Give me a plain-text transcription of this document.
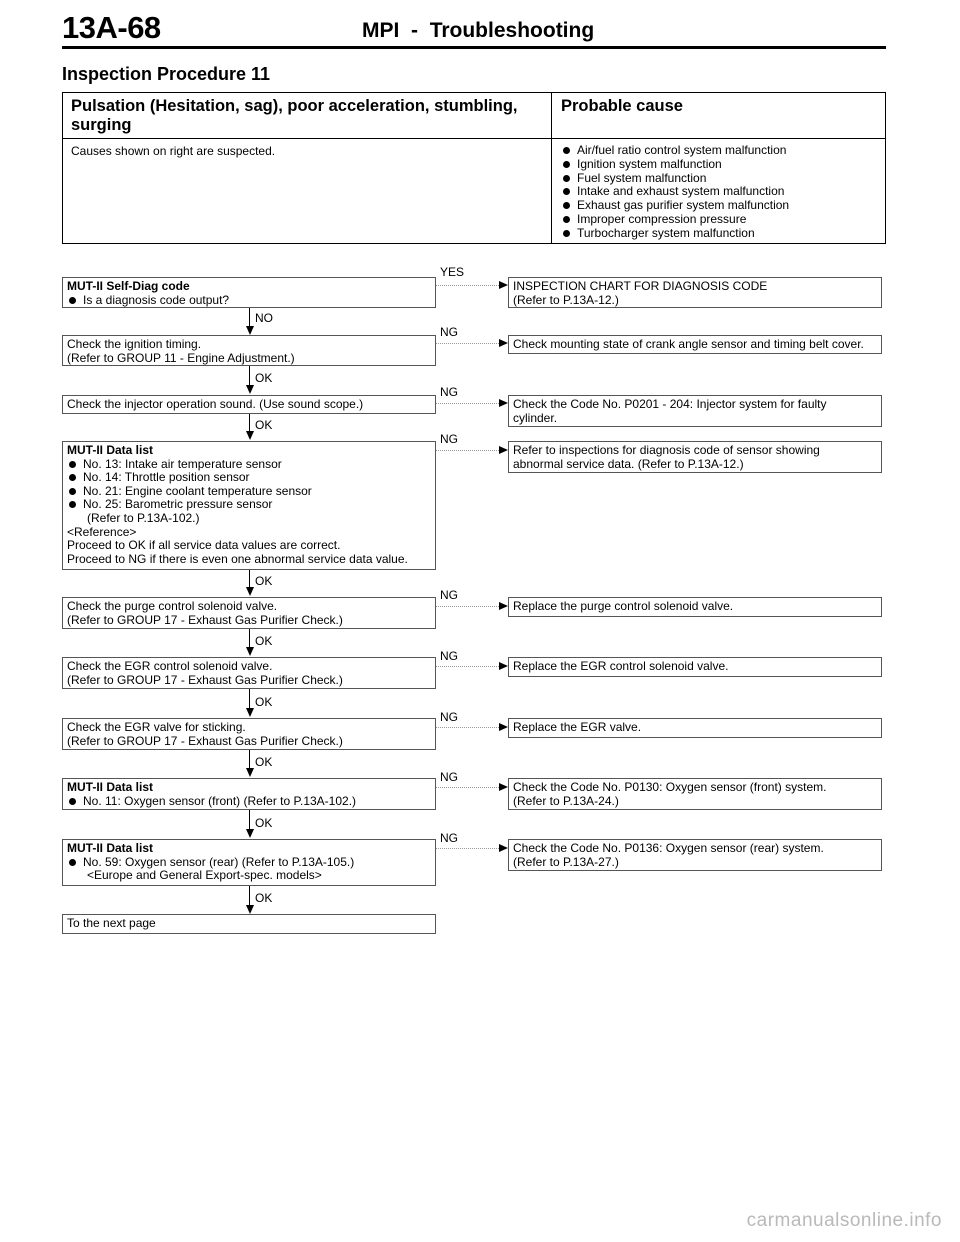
13A-68	MPI - Troubleshooting
Inspection Procedure 11
Pulsation (Hesitation, sag), poor acceleration, stumbling, surging
Probable cause
Causes shown on right are suspected.	Air/fuel ratio control system malfunction
Ignition system malfunction
Fuel system malfunction
Intake and exhaust system malfunction
Exhaust gas purifier system malfunction
Improper compression pressure
Turbocharger system malfunction
MUT-II Self-Diag code
Is a diagnosis code output?
YES
INSPECTION CHART FOR DIAGNOSIS CODE
(Refer to P.13A-12.)
NO
Check the ignition timing.
(Refer to GROUP 11 - Engine Adjustment.)
NG
Check mounting state of crank angle sensor and timing belt cover.
OK
Check the injector operation sound. (Use sound scope.)
NG
Check the Code No. P0201 - 204: Injector system for faulty
cylinder.
OK
MUT-II Data list
No. 13: Intake air temperature sensor
No. 14: Throttle position sensor
No. 21: Engine coolant temperature sensor
No. 25: Barometric pressure sensor
(Refer to P.13A-102.)
<Reference>
Proceed to OK if all service data values are correct.
Proceed to NG if there is even one abnormal service data value.
NG
Refer to inspections for diagnosis code of sensor showing
abnormal service data. (Refer to P.13A-12.)
OK
Check the purge control solenoid valve.
(Refer to GROUP 17 - Exhaust Gas Purifier Check.)
NG
Replace the purge control solenoid valve.
OK
Check the EGR control solenoid valve.
(Refer to GROUP 17 - Exhaust Gas Purifier Check.)
NG
Replace the EGR control solenoid valve.
OK
Check the EGR valve for sticking.
(Refer to GROUP 17 - Exhaust Gas Purifier Check.)
NG
Replace the EGR valve.
OK
MUT-II Data list
No. 11: Oxygen sensor (front) (Refer to P.13A-102.)
NG
Check the Code No. P0130: Oxygen sensor (front) system.
(Refer to P.13A-24.)
OK
MUT-II Data list
No. 59: Oxygen sensor (rear) (Refer to P.13A-105.)
<Europe and General Export-spec. models>
NG
Check the Code No. P0136: Oxygen sensor (rear) system.
(Refer to P.13A-27.)
OK
To the next page
carmanualsonline.info
